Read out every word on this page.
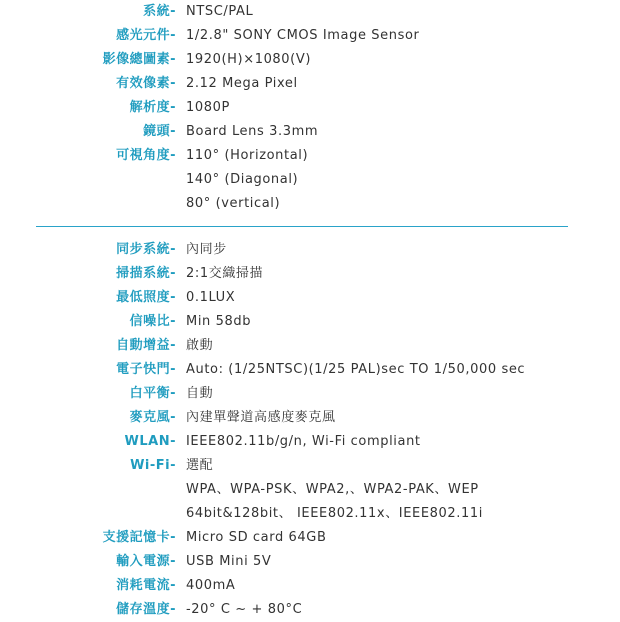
系統- NTSC/PAL
感光元件- 1/2.8" SONY CMOS Image Sensor
影像總圖素- 1920(H)×1080(V)
有效像素- 2.12 Mega Pixel
解析度- 1080P
鏡頭- Board Lens 3.3mm
可視角度- 110° (Horizontal)
140° (Diagonal)
80° (vertical)
同步系統- 內同步
掃描系統- 2:1交織掃描
最低照度- 0.1LUX
信噪比- Min 58db
自動增益- 啟動
電子快門- Auto: (1/25NTSC)(1/25 PAL)sec TO 1/50,000 sec
白平衡- 自動
麥克風- 內建單聲道高感度麥克風
WLAN- IEEE802.11b/g/n, Wi-Fi compliant
Wi-Fi- 選配
WPA、WPA-PSK、WPA2,、WPA2-PAK、WEP
64bit&128bit、 IEEE802.11x、IEEE802.11i
支援記憶卡- Micro SD card 64GB
輸入電源- USB Mini 5V
消耗電流- 400mA
儲存溫度- -20° C ~ + 80°C
